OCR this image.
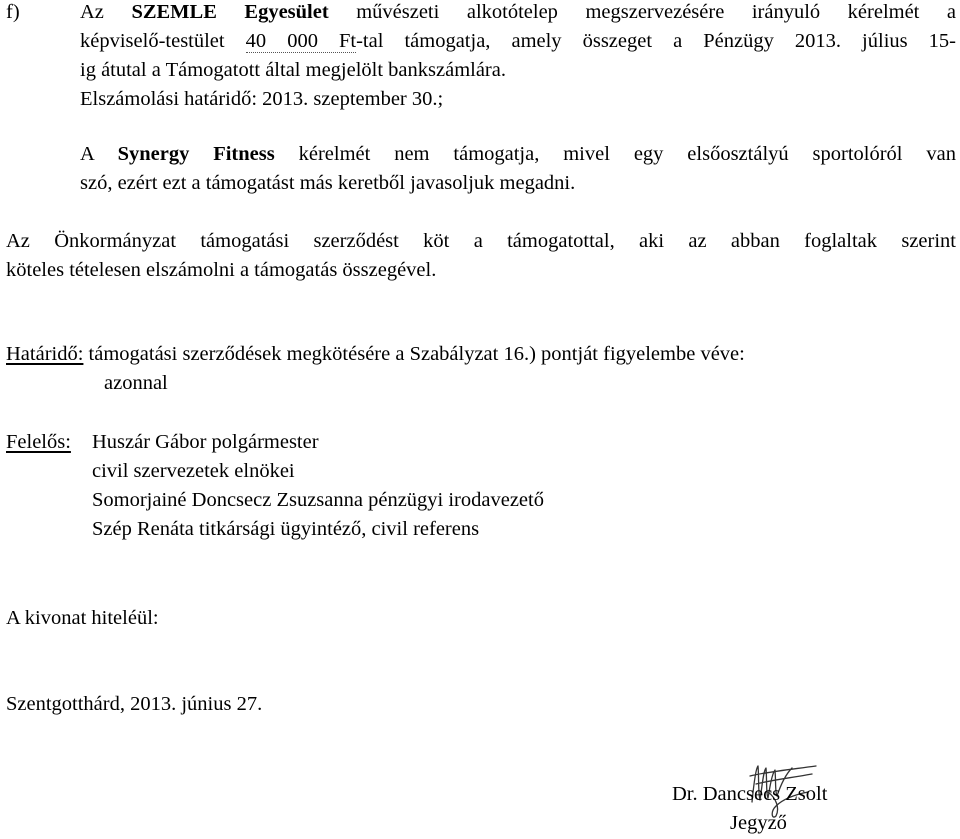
f)	Az SZEMLE Egyesület művészeti alkotótelep megszervezésére irányuló kérelmét a
képviselő-testület 40 000 Ft-tal támogatja, amely összeget a Pénzügy 2013. július 15-
ig átutal a Támogatott által megjelölt bankszámlára.
Elszámolási határidő: 2013. szeptember 30.;
A Synergy Fitness kérelmét nem támogatja, mivel egy elsőosztályú sportolóról van
szó, ezért ezt a támogatást más keretből javasoljuk megadni.
Az Önkormányzat támogatási szerződést köt a támogatottal, aki az abban foglaltak szerint
köteles tételesen elszámolni a támogatás összegével.
Határidő: támogatási szerződések megkötésére a Szabályzat 16.) pontját figyelembe véve:
azonnal
Felelős: Huszár Gábor polgármester
civil szervezetek elnökei
Somorjainé Doncsecz Zsuzsanna pénzügyi irodavezető
Szép Renáta titkársági ügyintéző, civil referens
A kivonat hiteléül:
Szentgotthárd, 2013. június 27.
Dr. Dancsecs Zsolt
Jegyző
